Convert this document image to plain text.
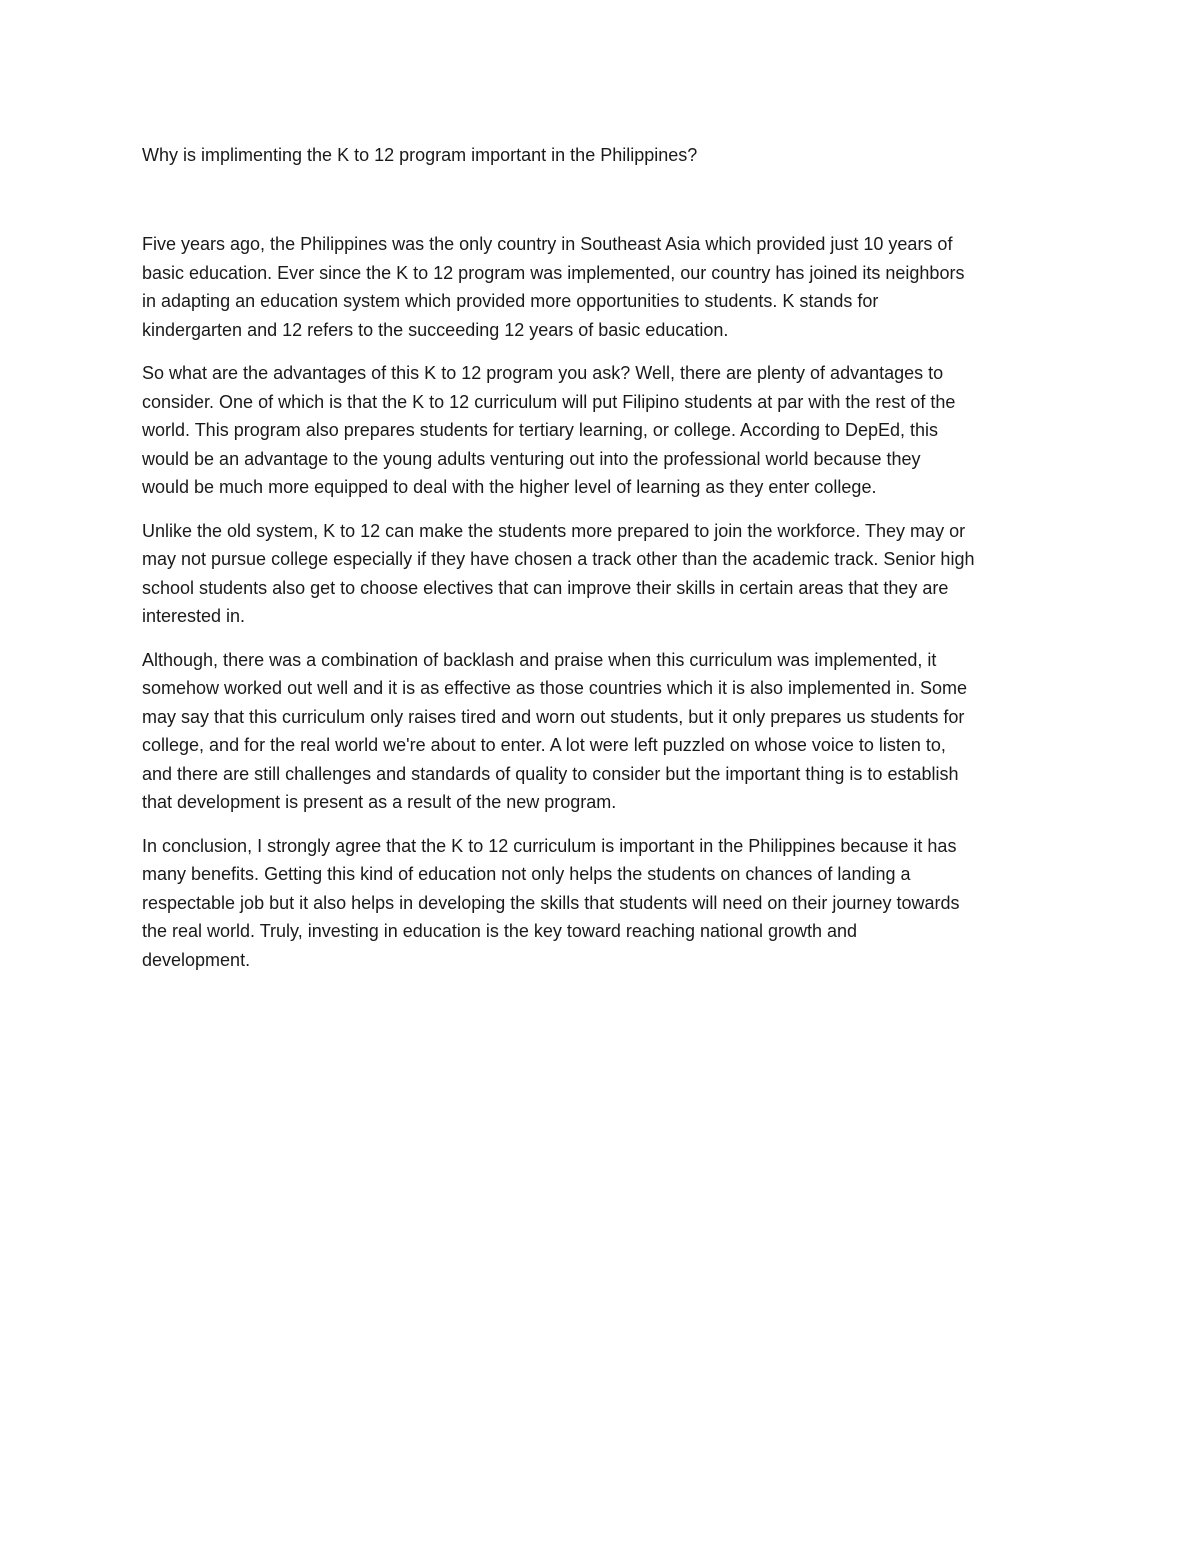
Why is implimenting the K to 12 program important in the Philippines?

Five years ago, the Philippines was the only country in Southeast Asia which provided just 10 years of
basic education. Ever since the K to 12 program was implemented, our country has joined its neighbors
in adapting an education system which provided more opportunities to students. K stands for
kindergarten and 12 refers to the succeeding 12 years of basic education.

So what are the advantages of this K to 12 program you ask? Well, there are plenty of advantages to
consider. One of which is that the K to 12 curriculum will put Filipino students at par with the rest of the
world. This program also prepares students for tertiary learning, or college. According to DepEd, this
would be an advantage to the young adults venturing out into the professional world because they
would be much more equipped to deal with the higher level of learning as they enter college.

Unlike the old system, K to 12 can make the students more prepared to join the workforce. They may or
may not pursue college especially if they have chosen a track other than the academic track. Senior high
school students also get to choose electives that can improve their skills in certain areas that they are
interested in.

Although, there was a combination of backlash and praise when this curriculum was implemented, it
somehow worked out well and it is as effective as those countries which it is also implemented in. Some
may say that this curriculum only raises tired and worn out students, but it only prepares us students for
college, and for the real world we're about to enter. A lot were left puzzled on whose voice to listen to,
and there are still challenges and standards of quality to consider but the important thing is to establish
that development is present as a result of the new program.

In conclusion, I strongly agree that the K to 12 curriculum is important in the Philippines because it has
many benefits. Getting this kind of education not only helps the students on chances of landing a
respectable job but it also helps in developing the skills that students will need on their journey towards
the real world. Truly, investing in education is the key toward reaching national growth and
development.
